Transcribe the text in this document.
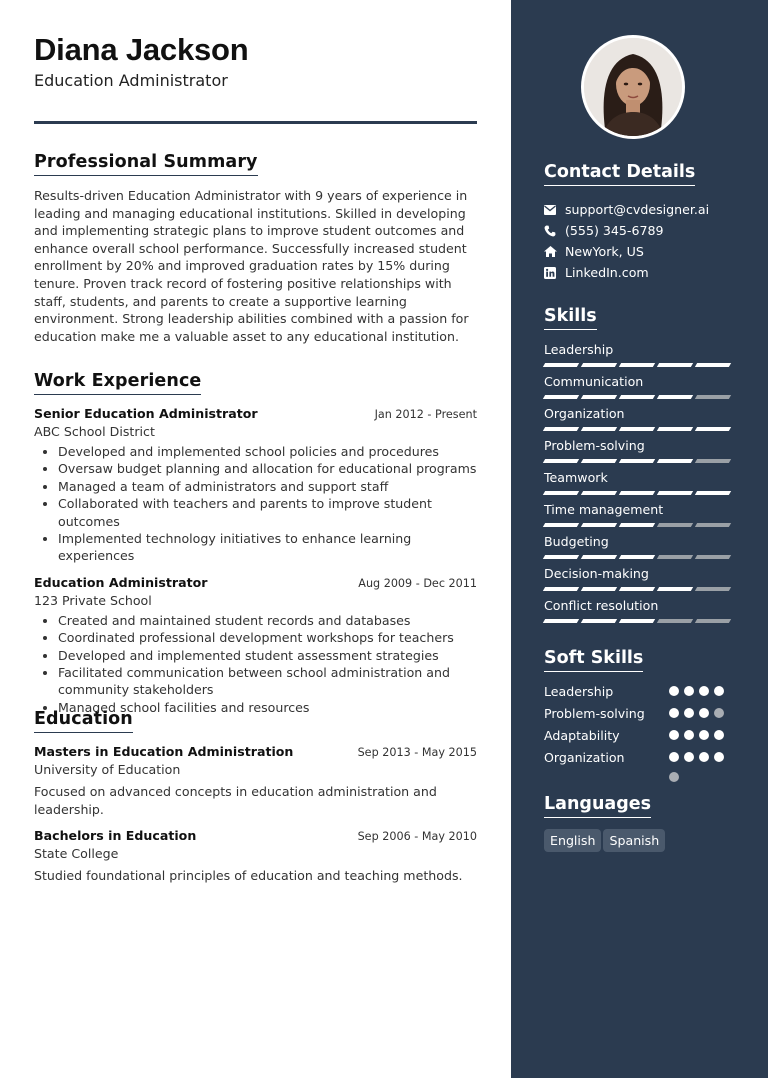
Diana Jackson
Education Administrator
Professional Summary

Results-driven Education Administrator with 9 years of experience in leading and managing educational institutions. Skilled in developing and implementing strategic plans to improve student outcomes and enhance overall school performance. Successfully increased student enrollment by 20% and improved graduation rates by 15% during tenure. Proven track record of fostering positive relationships with staff, students, and parents to create a supportive learning environment. Strong leadership abilities combined with a passion for education make me a valuable asset to any educational institution.

Work Experience
Senior Education Administrator	Jan 2012 - Present
ABC School District
• Developed and implemented school policies and procedures
• Oversaw budget planning and allocation for educational programs
• Managed a team of administrators and support staff
• Collaborated with teachers and parents to improve student outcomes
• Implemented technology initiatives to enhance learning experiences
Education Administrator	Aug 2009 - Dec 2011
123 Private School
• Created and maintained student records and databases
• Coordinated professional development workshops for teachers
• Developed and implemented student assessment strategies
• Facilitated communication between school administration and community stakeholders
• Managed school facilities and resources
Education
Masters in Education Administration	Sep 2013 - May 2015
University of Education

Focused on advanced concepts in education administration and leadership.

Bachelors in Education	Sep 2006 - May 2010
State College

Studied foundational principles of education and teaching methods.

Contact Details
support@cvdesigner.ai
(555) 345-6789
NewYork, US
LinkedIn.com
Skills
Leadership
Communication
Organization
Problem-solving
Teamwork
Time management
Budgeting
Decision-making
Conflict resolution
Soft Skills
Leadership
Problem-solving
Adaptability
Organization
Languages
English Spanish
